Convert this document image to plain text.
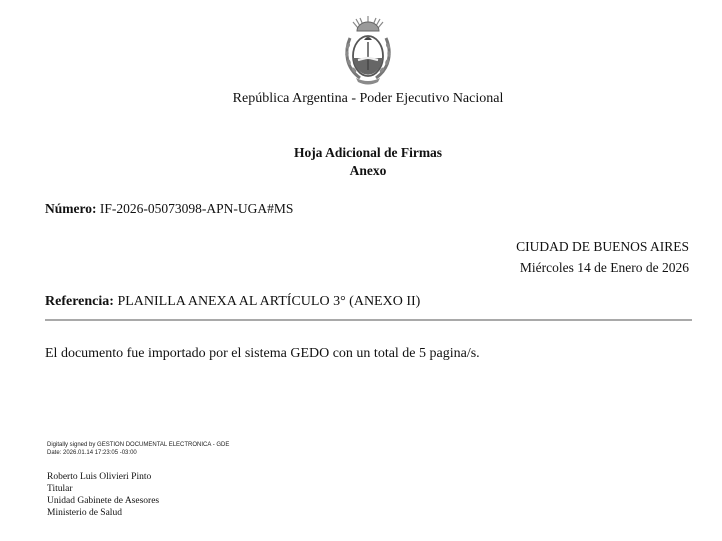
República Argentina - Poder Ejecutivo Nacional
Hoja Adicional de Firmas
Anexo
Número: IF-2026-05073098-APN-UGA#MS
CIUDAD DE BUENOS AIRES
Miércoles 14 de Enero de 2026
Referencia: PLANILLA ANEXA AL ARTÍCULO 3° (ANEXO II)
El documento fue importado por el sistema GEDO con un total de 5 pagina/s.
Digitally signed by GESTION DOCUMENTAL ELECTRONICA - GDE
Date: 2026.01.14 17:23:05 -03:00
Roberto Luis Olivieri Pinto
Titular
Unidad Gabinete de Asesores
Ministerio de Salud
